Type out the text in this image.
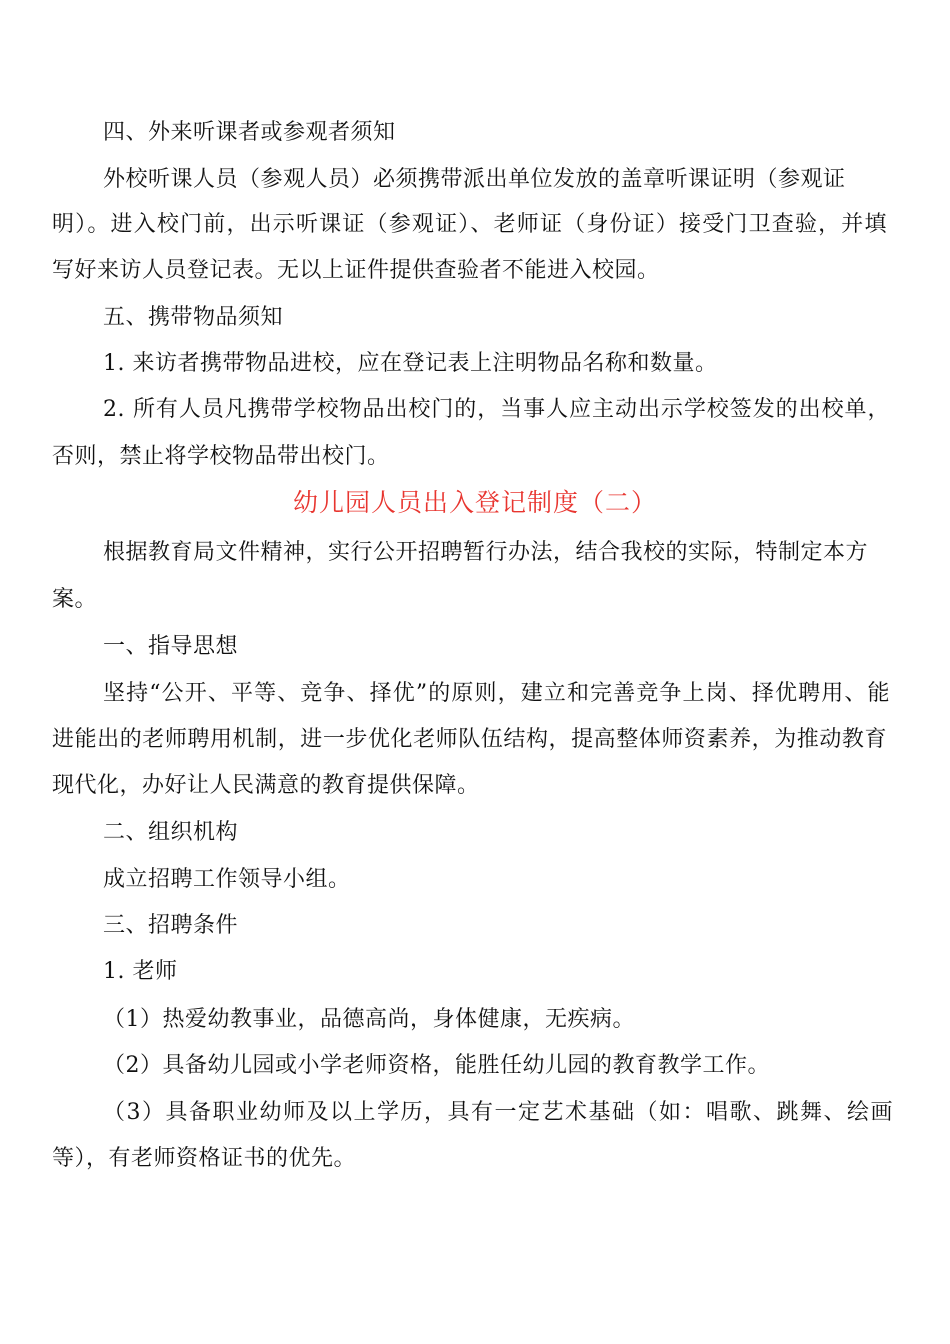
四、外来听课者或参观者须知
外校听课人员（参观人员）必须携带派出单位发放的盖章听课证明（参观证
明）。进入校门前，出示听课证（参观证）、老师证（身份证）接受门卫查验，并填
写好来访人员登记表。无以上证件提供查验者不能进入校园。
五、携带物品须知
1. 来访者携带物品进校，应在登记表上注明物品名称和数量。
2. 所有人员凡携带学校物品出校门的，当事人应主动出示学校签发的出校单，
否则，禁止将学校物品带出校门。
幼儿园人员出入登记制度（二）
根据教育局文件精神，实行公开招聘暂行办法，结合我校的实际，特制定本方
案。
一、指导思想
坚持“公开、平等、竞争、择优”的原则，建立和完善竞争上岗、择优聘用、能
进能出的老师聘用机制，进一步优化老师队伍结构，提高整体师资素养，为推动教育
现代化，办好让人民满意的教育提供保障。
二、组织机构
成立招聘工作领导小组。
三、招聘条件
1. 老师
（1）热爱幼教事业，品德高尚，身体健康，无疾病。
（2）具备幼儿园或小学老师资格，能胜任幼儿园的教育教学工作。
（3）具备职业幼师及以上学历，具有一定艺术基础（如：唱歌、跳舞、绘画
等），有老师资格证书的优先。
